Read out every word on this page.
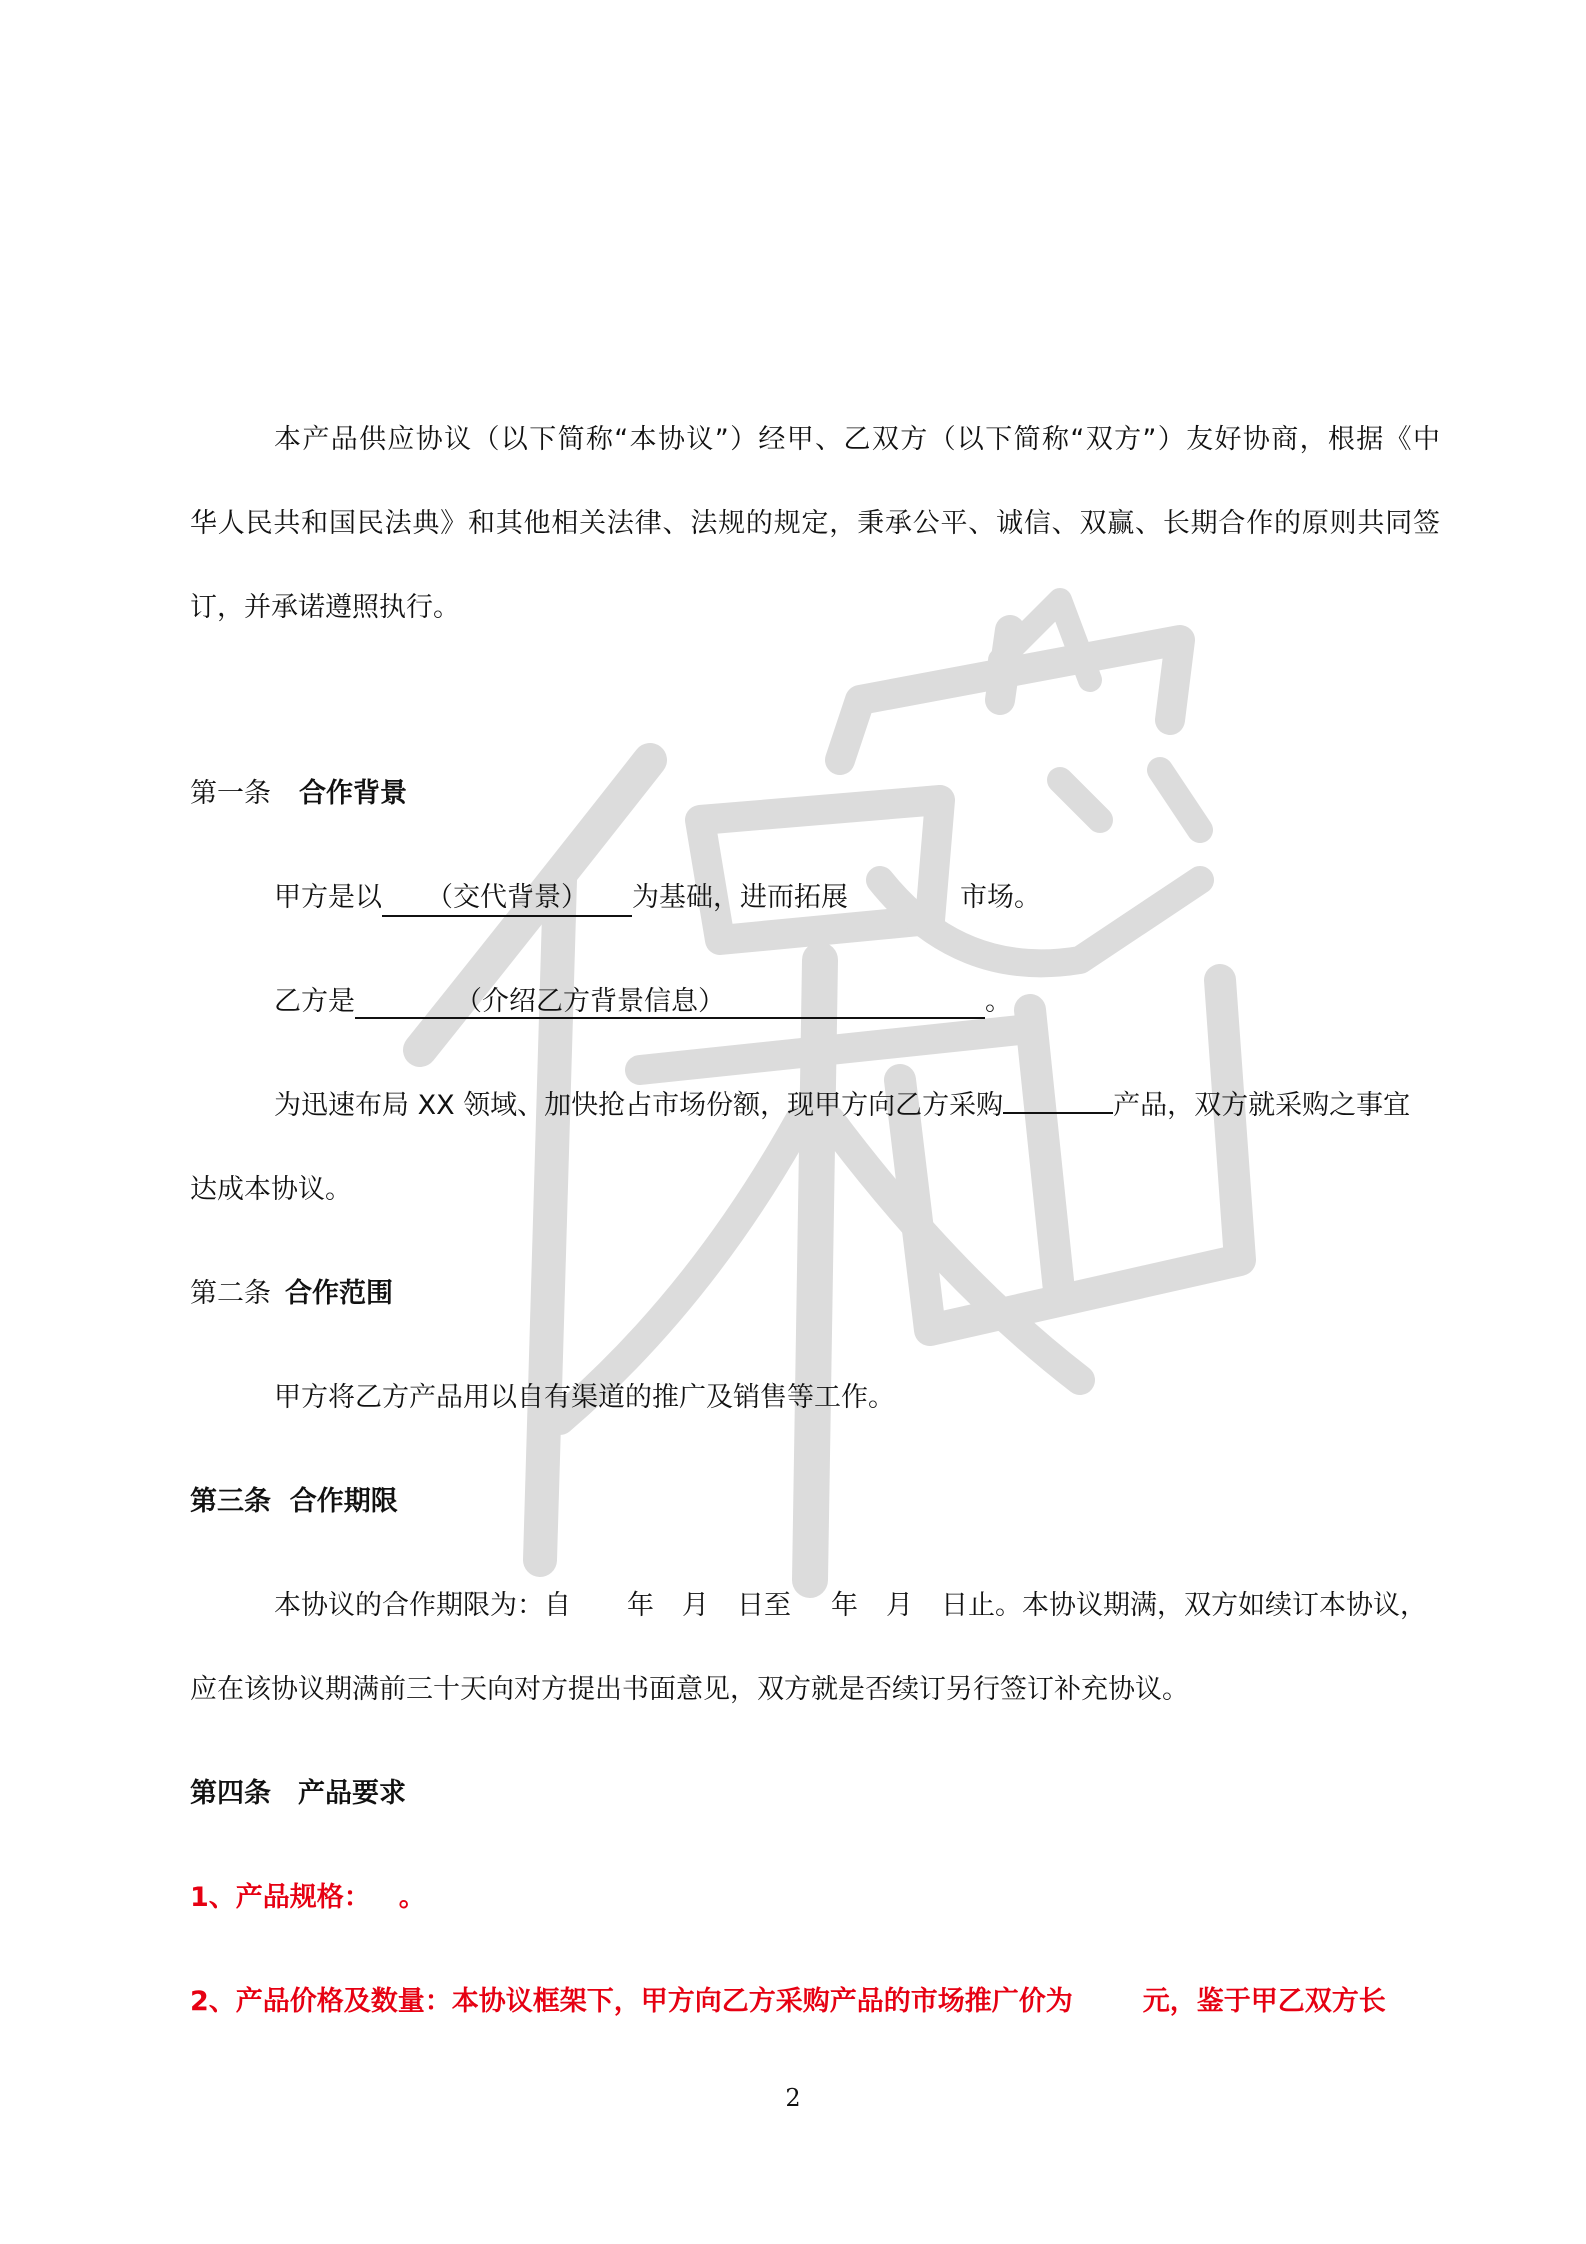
本产品供应协议（以下简称“本协议”）经甲、乙双方（以下简称“双方”）友好协商，根据《中
华人民共和国民法典》和其他相关法律、法规的规定，秉承公平、诚信、双赢、长期合作的原则共同签
订，并承诺遵照执行。
第一条 合作背景
甲方是以 （交代背景） 为基础，进而拓展	市场。
乙方是	（介绍乙方背景信息）	。
为迅速布局 XX 领域、加快抢占市场份额，现甲方向乙方采购	产品，双方就采购之事宜
达成本协议。
第二条 合作范围
甲方将乙方产品用以自有渠道的推广及销售等工作。
第三条  合作期限
本协议的合作期限为：自 年 月 日至 年 月 日止。本协议期满，双方如续订本协议，
应在该协议期满前三十天向对方提出书面意见，双方就是否续订另行签订补充协议。
第四条　产品要求
1、产品规格： 。
2、产品价格及数量：本协议框架下，甲方向乙方采购产品的市场推广价为	元，鉴于甲乙双方长
2
